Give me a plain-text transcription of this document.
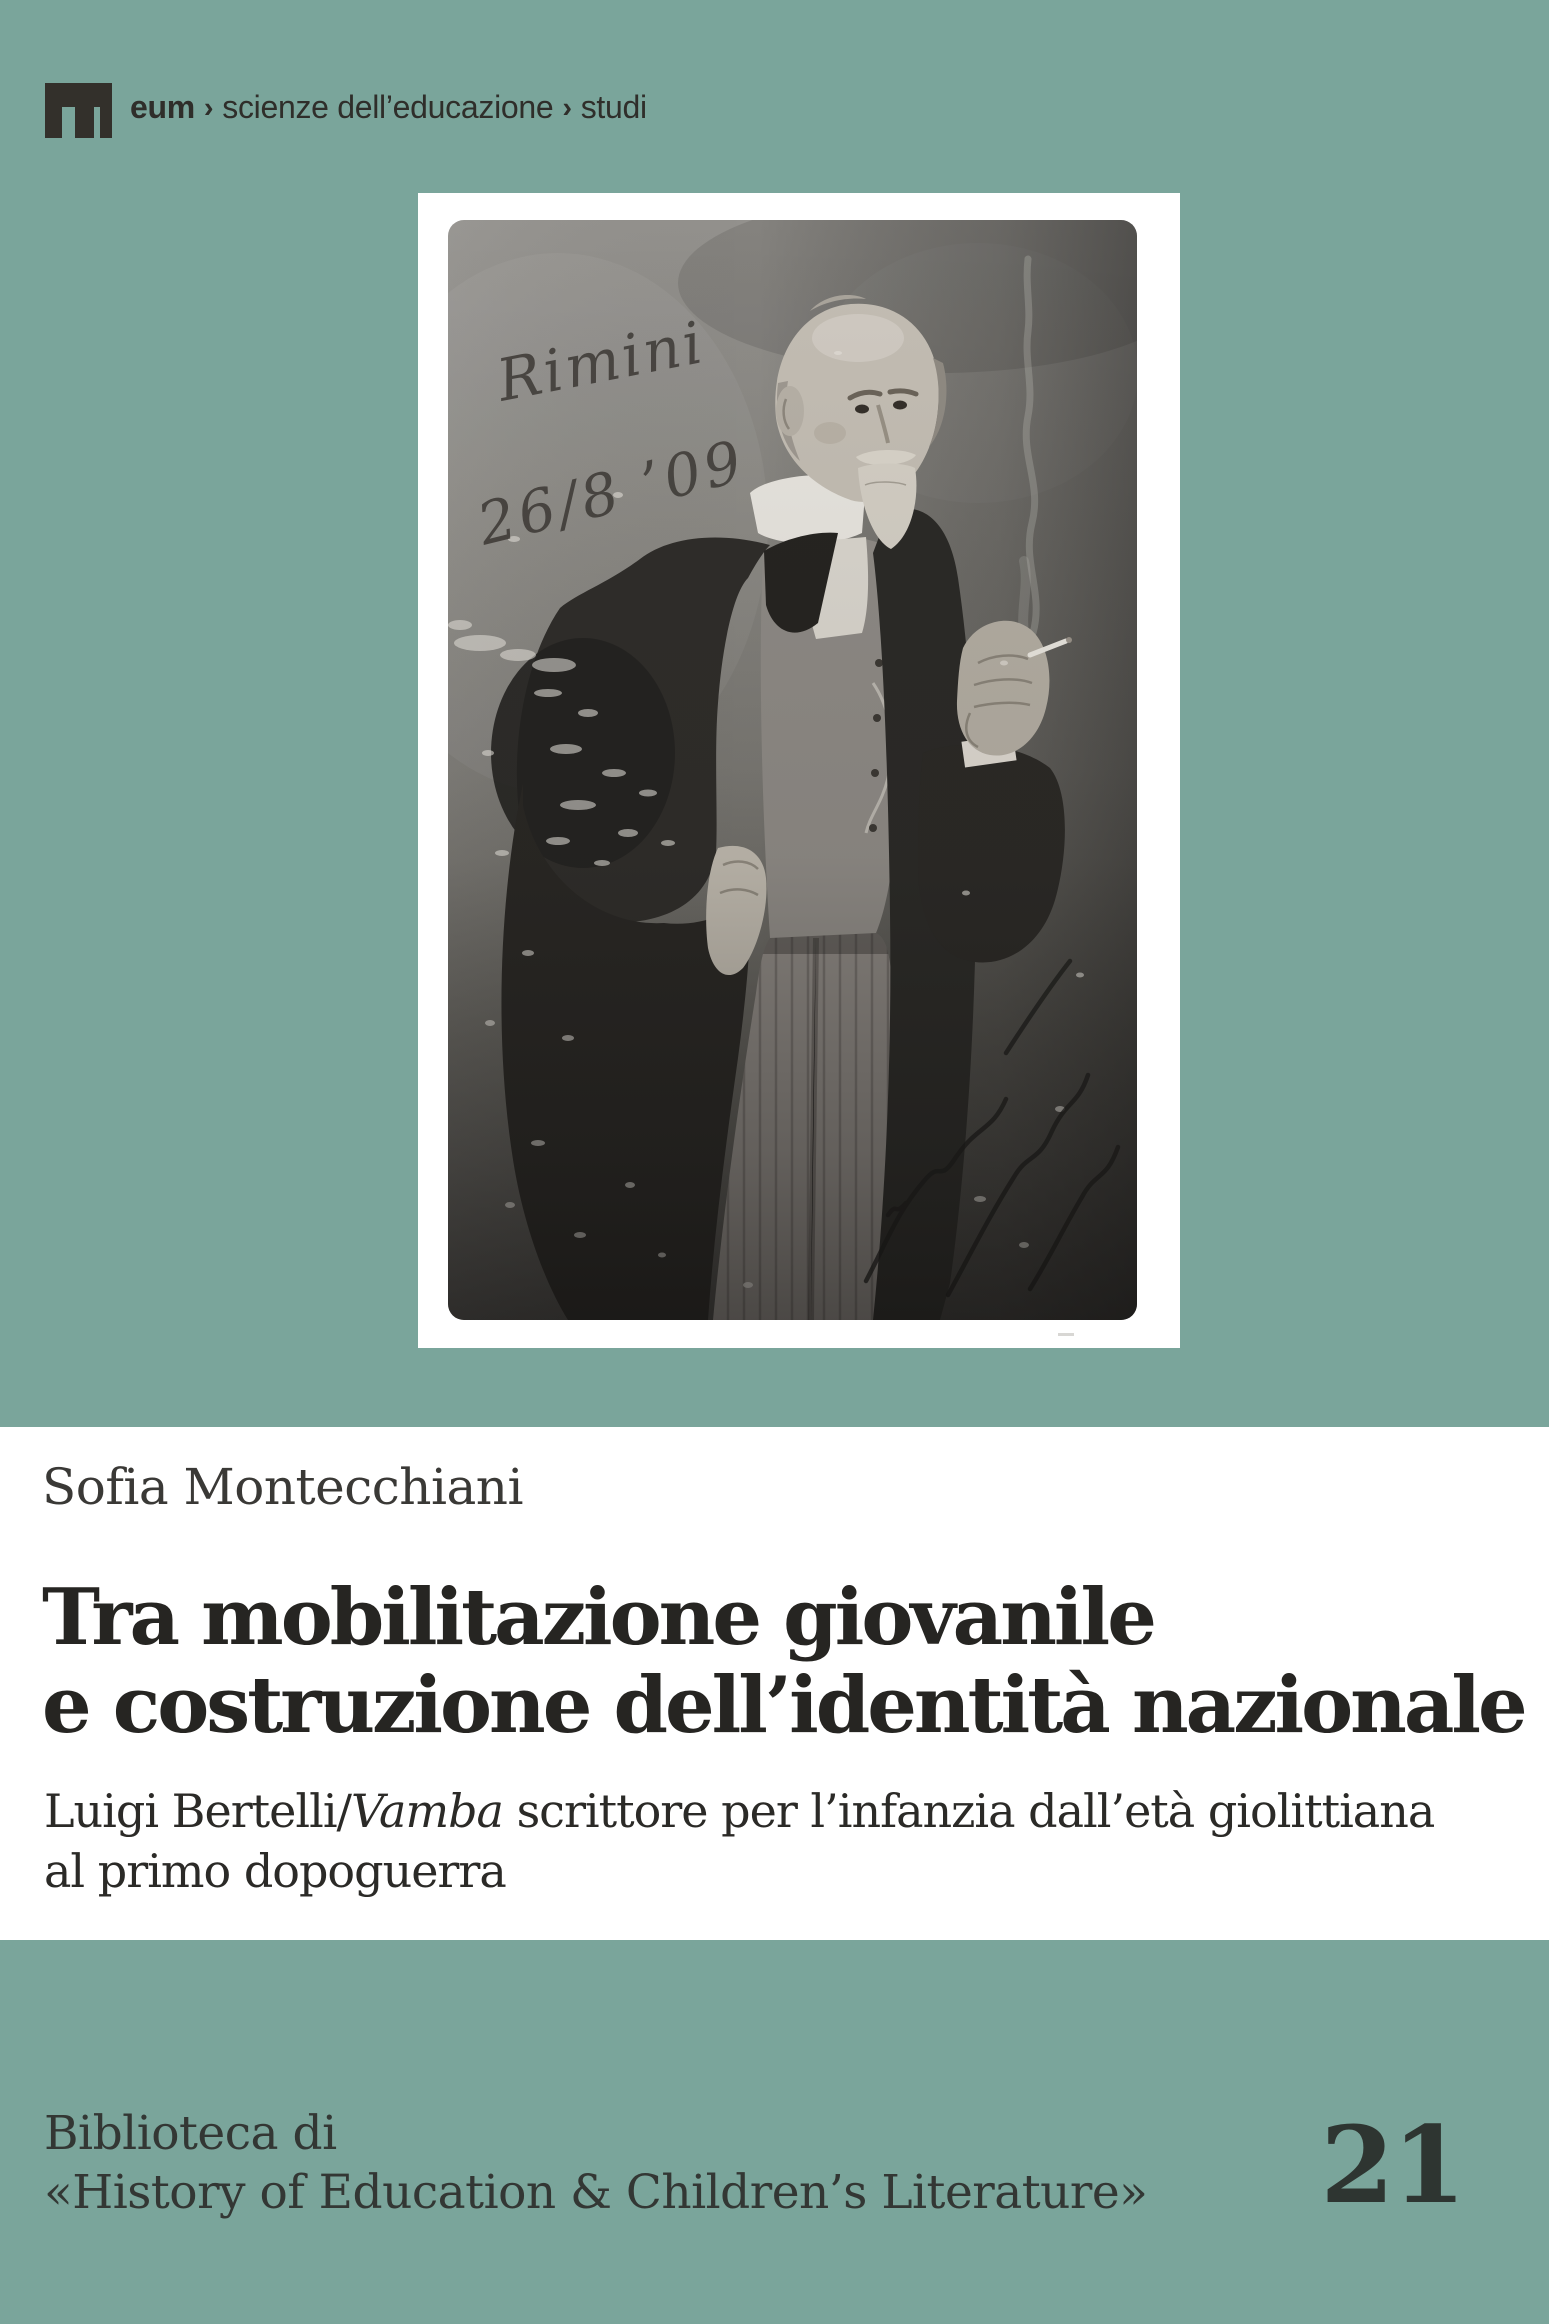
eum › scienze dell’educazione › studi
Sofia Montecchiani
Tra mobilitazione giovanile
e costruzione dell’identità nazionale
Luigi Bertelli/Vamba scrittore per l’infanzia dall’età giolittiana
al primo dopoguerra
Biblioteca di
«History of Education & Children’s Literature» 21
